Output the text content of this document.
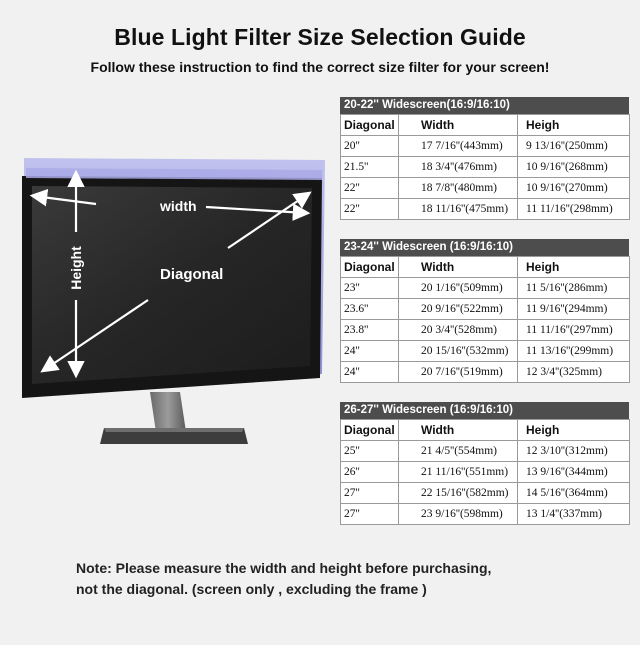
Blue Light Filter Size Selection Guide
Follow these instruction to find the correct size filter for your screen!
width
Height	Diagonal
20-22'' Widescreen(16:9/16:10)
Diagonal	Width	Heigh
20''	17 7/16''(443mm)	9 13/16''(250mm)
21.5''	18 3/4''(476mm)	10 9/16''(268mm)
22''	18 7/8''(480mm)	10 9/16''(270mm)
22''	18 11/16''(475mm)	11 11/16''(298mm)
23-24'' Widescreen (16:9/16:10)
Diagonal	Width	Heigh
23''	20 1/16''(509mm)	11 5/16''(286mm)
23.6''	20 9/16''(522mm)	11 9/16''(294mm)
23.8''	20 3/4''(528mm)	11 11/16''(297mm)
24''	20 15/16''(532mm)	11 13/16''(299mm)
24''	20 7/16''(519mm)	12 3/4''(325mm)
26-27'' Widescreen (16:9/16:10)
Diagonal	Width	Heigh
25''	21 4/5''(554mm)	12 3/10''(312mm)
26''	21 11/16''(551mm)	13 9/16''(344mm)
27''	22 15/16''(582mm)	14 5/16''(364mm)
27''	23 9/16''(598mm)	13 1/4''(337mm)
Note: Please measure the width and height before purchasing,
not the diagonal. (screen only , excluding the frame )
